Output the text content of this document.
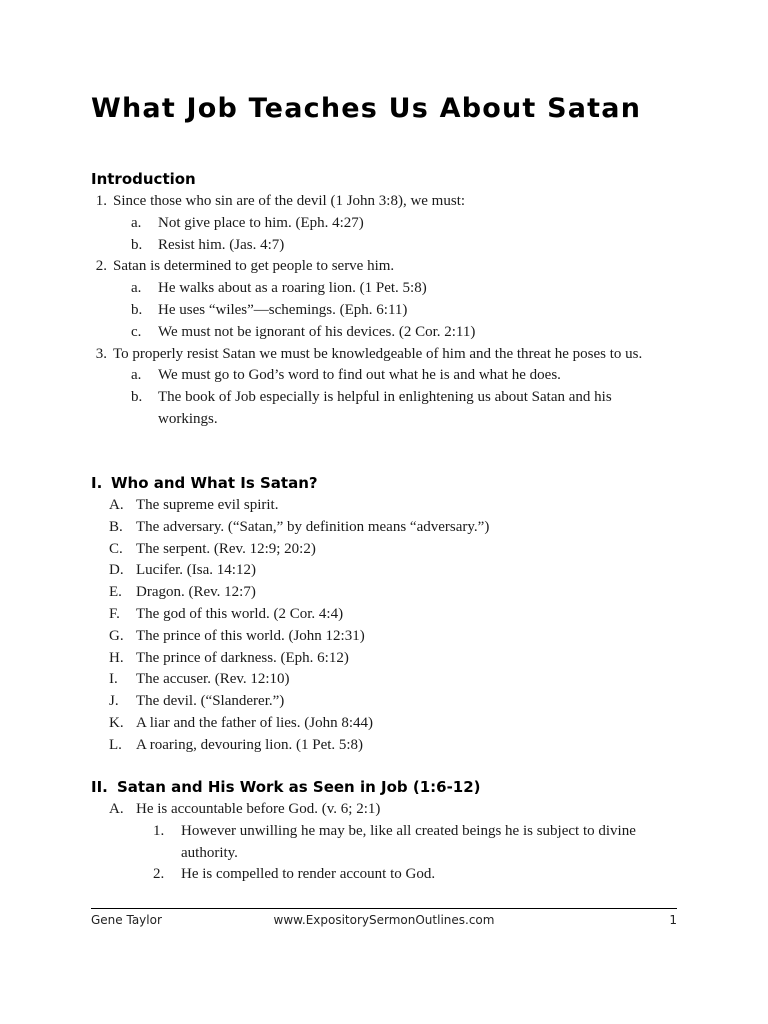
What Job Teaches Us About Satan
Introduction
1. Since those who sin are of the devil (1 John 3:8), we must:
a.	Not give place to him. (Eph. 4:27)
b.	Resist him. (Jas. 4:7)
2. Satan is determined to get people to serve him.
a.	He walks about as a roaring lion. (1 Pet. 5:8)
b.	He uses “wiles”—schemings. (Eph. 6:11)
c.	We must not be ignorant of his devices. (2 Cor. 2:11)
3. To properly resist Satan we must be knowledgeable of him and the threat he poses to us.
a.	We must go to God’s word to find out what he is and what he does.
b.	The book of Job especially is helpful in enlightening us about Satan and his workings.
I. Who and What Is Satan?
A. The supreme evil spirit.
B. The adversary. (“Satan,” by definition means “adversary.”)
C. The serpent. (Rev. 12:9; 20:2)
D. Lucifer. (Isa. 14:12)
E. Dragon. (Rev. 12:7)
F.	The god of this world. (2 Cor. 4:4)
G. The prince of this world. (John 12:31)
H. The prince of darkness. (Eph. 6:12)
I.	The accuser. (Rev. 12:10)
J.	The devil. (“Slanderer.”)
K. A liar and the father of lies. (John 8:44)
L. A roaring, devouring lion. (1 Pet. 5:8)
II. Satan and His Work as Seen in Job (1:6-12)
A. He is accountable before God. (v. 6; 2:1)
1.	However unwilling he may be, like all created beings he is subject to divine authority.
2.	He is compelled to render account to God.
Gene Taylor	www.ExpositorySermonOutlines.com	1
